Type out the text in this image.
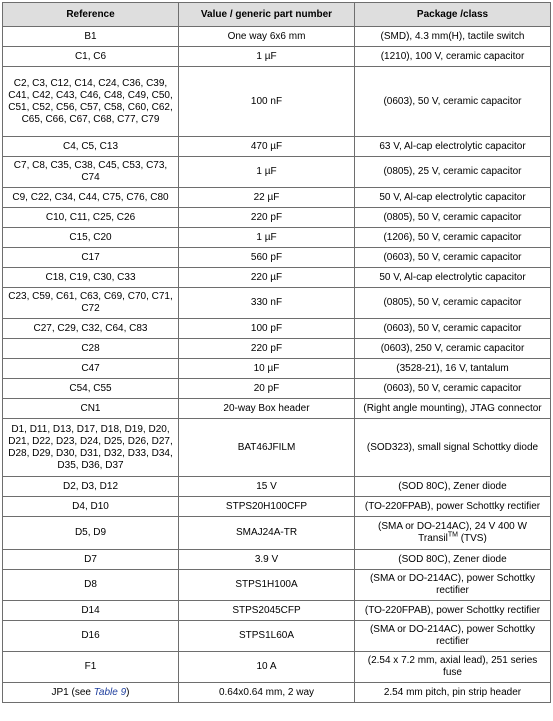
Reference	Value / generic part number	Package /class
B1	One way 6x6 mm	(SMD), 4.3 mm(H), tactile switch
C1, C6	1 µF	(1210), 100 V, ceramic capacitor
C2, C3, C12, C14, C24, C36, C39, C41, C42, C43, C46, C48, C49, C50, C51, C52, C56, C57, C58, C60, C62, C65, C66, C67, C68, C77, C79	100 nF	(0603), 50 V, ceramic capacitor
C4, C5, C13	470 µF	63 V, Al-cap electrolytic capacitor
C7, C8, C35, C38, C45, C53, C73, C74	1 µF	(0805), 25 V, ceramic capacitor
C9, C22, C34, C44, C75, C76, C80	22 µF	50 V, Al-cap electrolytic capacitor
C10, C11, C25, C26	220 pF	(0805), 50 V, ceramic capacitor
C15, C20	1 µF	(1206), 50 V, ceramic capacitor
C17	560 pF	(0603), 50 V, ceramic capacitor
C18, C19, C30, C33	220 µF	50 V, Al-cap electrolytic capacitor
C23, C59, C61, C63, C69, C70, C71, C72	330 nF	(0805), 50 V, ceramic capacitor
C27, C29, C32, C64, C83	100 pF	(0603), 50 V, ceramic capacitor
C28	220 pF	(0603), 250 V, ceramic capacitor
C47	10 µF	(3528-21), 16 V, tantalum
C54, C55	20 pF	(0603), 50 V, ceramic capacitor
CN1	20-way Box header	(Right angle mounting), JTAG connector
D1, D11, D13, D17, D18, D19, D20, D21, D22, D23, D24, D25, D26, D27, D28, D29, D30, D31, D32, D33, D34, D35, D36, D37	BAT46JFILM	(SOD323), small signal Schottky diode
D2, D3, D12	15 V	(SOD 80C), Zener diode
D4, D10	STPS20H100CFP	(TO-220FPAB), power Schottky rectifier
D5, D9	SMAJ24A-TR	(SMA or DO-214AC), 24 V 400 W Transil™ (TVS)
D7	3.9 V	(SOD 80C), Zener diode
D8	STPS1H100A	(SMA or DO-214AC), power Schottky rectifier
D14	STPS2045CFP	(TO-220FPAB), power Schottky rectifier
D16	STPS1L60A	(SMA or DO-214AC), power Schottky rectifier
F1	10 A	(2.54 x 7.2 mm, axial lead), 251 series fuse
JP1 (see Table 9)	0.64x0.64 mm, 2 way	2.54 mm pitch, pin strip header
